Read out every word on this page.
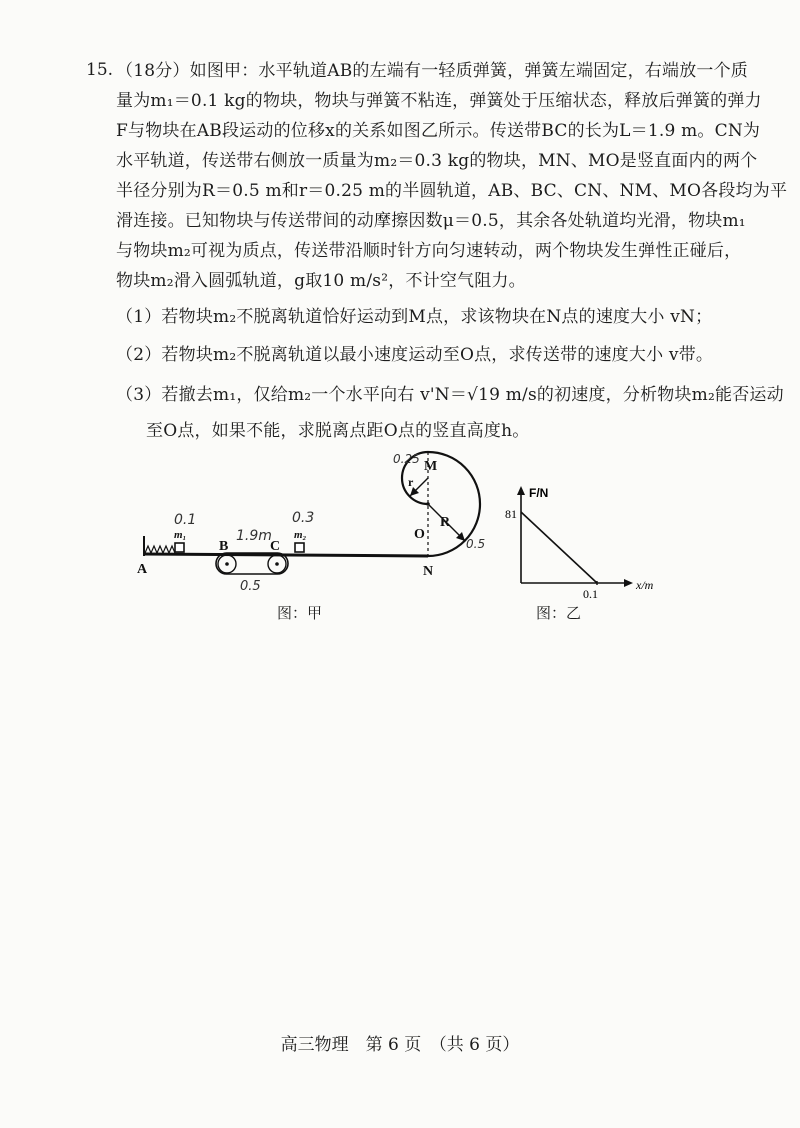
15. （18分）如图甲：水平轨道AB的左端有一轻质弹簧，弹簧左端固定，右端放一个质
量为m₁＝0.1 kg的物块，物块与弹簧不粘连，弹簧处于压缩状态，释放后弹簧的弹力
F与物块在AB段运动的位移x的关系如图乙所示。传送带BC的长为L＝1.9 m。CN为
水平轨道，传送带右侧放一质量为m₂＝0.3 kg的物块，MN、MO是竖直面内的两个
半径分别为R＝0.5 m和r＝0.25 m的半圆轨道，AB、BC、CN、NM、MO各段均为平
滑连接。已知物块与传送带间的动摩擦因数μ＝0.5，其余各处轨道均光滑，物块m₁
与物块m₂可视为质点，传送带沿顺时针方向匀速转动，两个物块发生弹性正碰后，
物块m₂滑入圆弧轨道，g取10 m/s²，不计空气阻力。
（1）若物块m₂不脱离轨道恰好运动到M点，求该物块在N点的速度大小 vN；
（2）若物块m₂不脱离轨道以最小速度运动至O点，求传送带的速度大小 v带。
（3）若撤去m₁，仅给m₂一个水平向右 v'N＝√19 m/s的初速度，分析物块m₂能否运动
至O点，如果不能，求脱离点距O点的竖直高度h。
A
B	C
N
M
O
R
r
m₁	m₂
0.1
1.9m
0.3
0.5
0.25
0.5
图：甲
F/N
x/m
81
0.1
图：乙
高三物理　第 6 页　（共 6 页）
